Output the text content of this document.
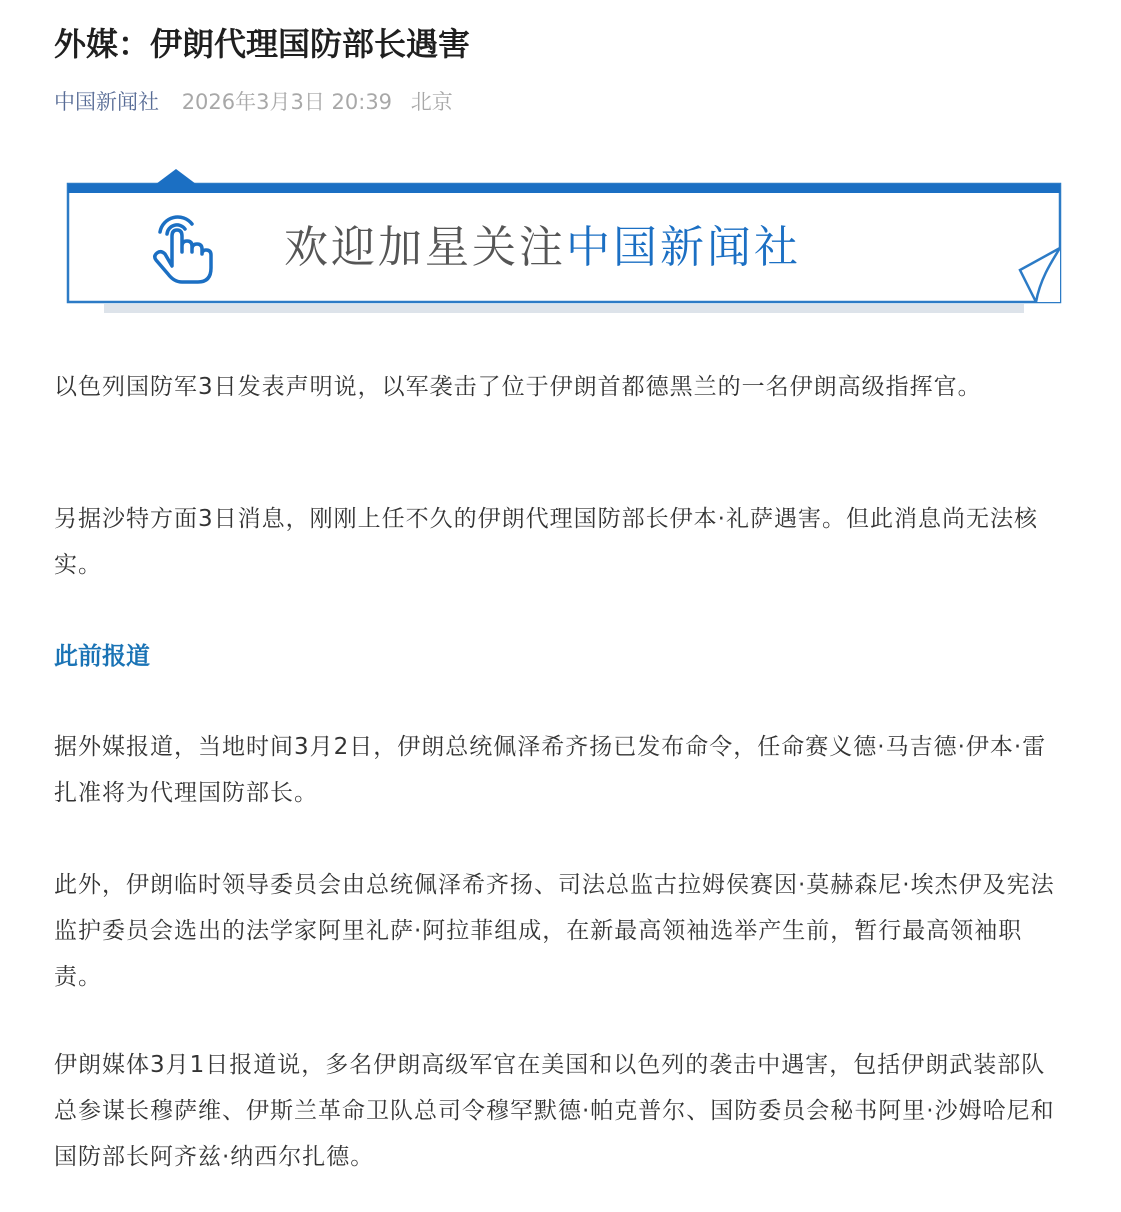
外媒：伊朗代理国防部长遇害
中国新闻社 2026年3月3日 20:39 北京

以色列国防军3日发表声明说，以军袭击了位于伊朗首都德黑兰的一名伊朗高级指挥官。

另据沙特方面3日消息，刚刚上任不久的伊朗代理国防部长伊本·礼萨遇害。但此消息尚无法核实。

此前报道

据外媒报道，当地时间3月2日，伊朗总统佩泽希齐扬已发布命令，任命赛义德·马吉德·伊本·雷扎准将为代理国防部长。

此外，伊朗临时领导委员会由总统佩泽希齐扬、司法总监古拉姆侯赛因·莫赫森尼·埃杰伊及宪法监护委员会选出的法学家阿里礼萨·阿拉菲组成，在新最高领袖选举产生前，暂行最高领袖职责。

伊朗媒体3月1日报道说，多名伊朗高级军官在美国和以色列的袭击中遇害，包括伊朗武装部队总参谋长穆萨维、伊斯兰革命卫队总司令穆罕默德·帕克普尔、国防委员会秘书阿里·沙姆哈尼和国防部长阿齐兹·纳西尔扎德。

欢迎加星关注中国新闻社
